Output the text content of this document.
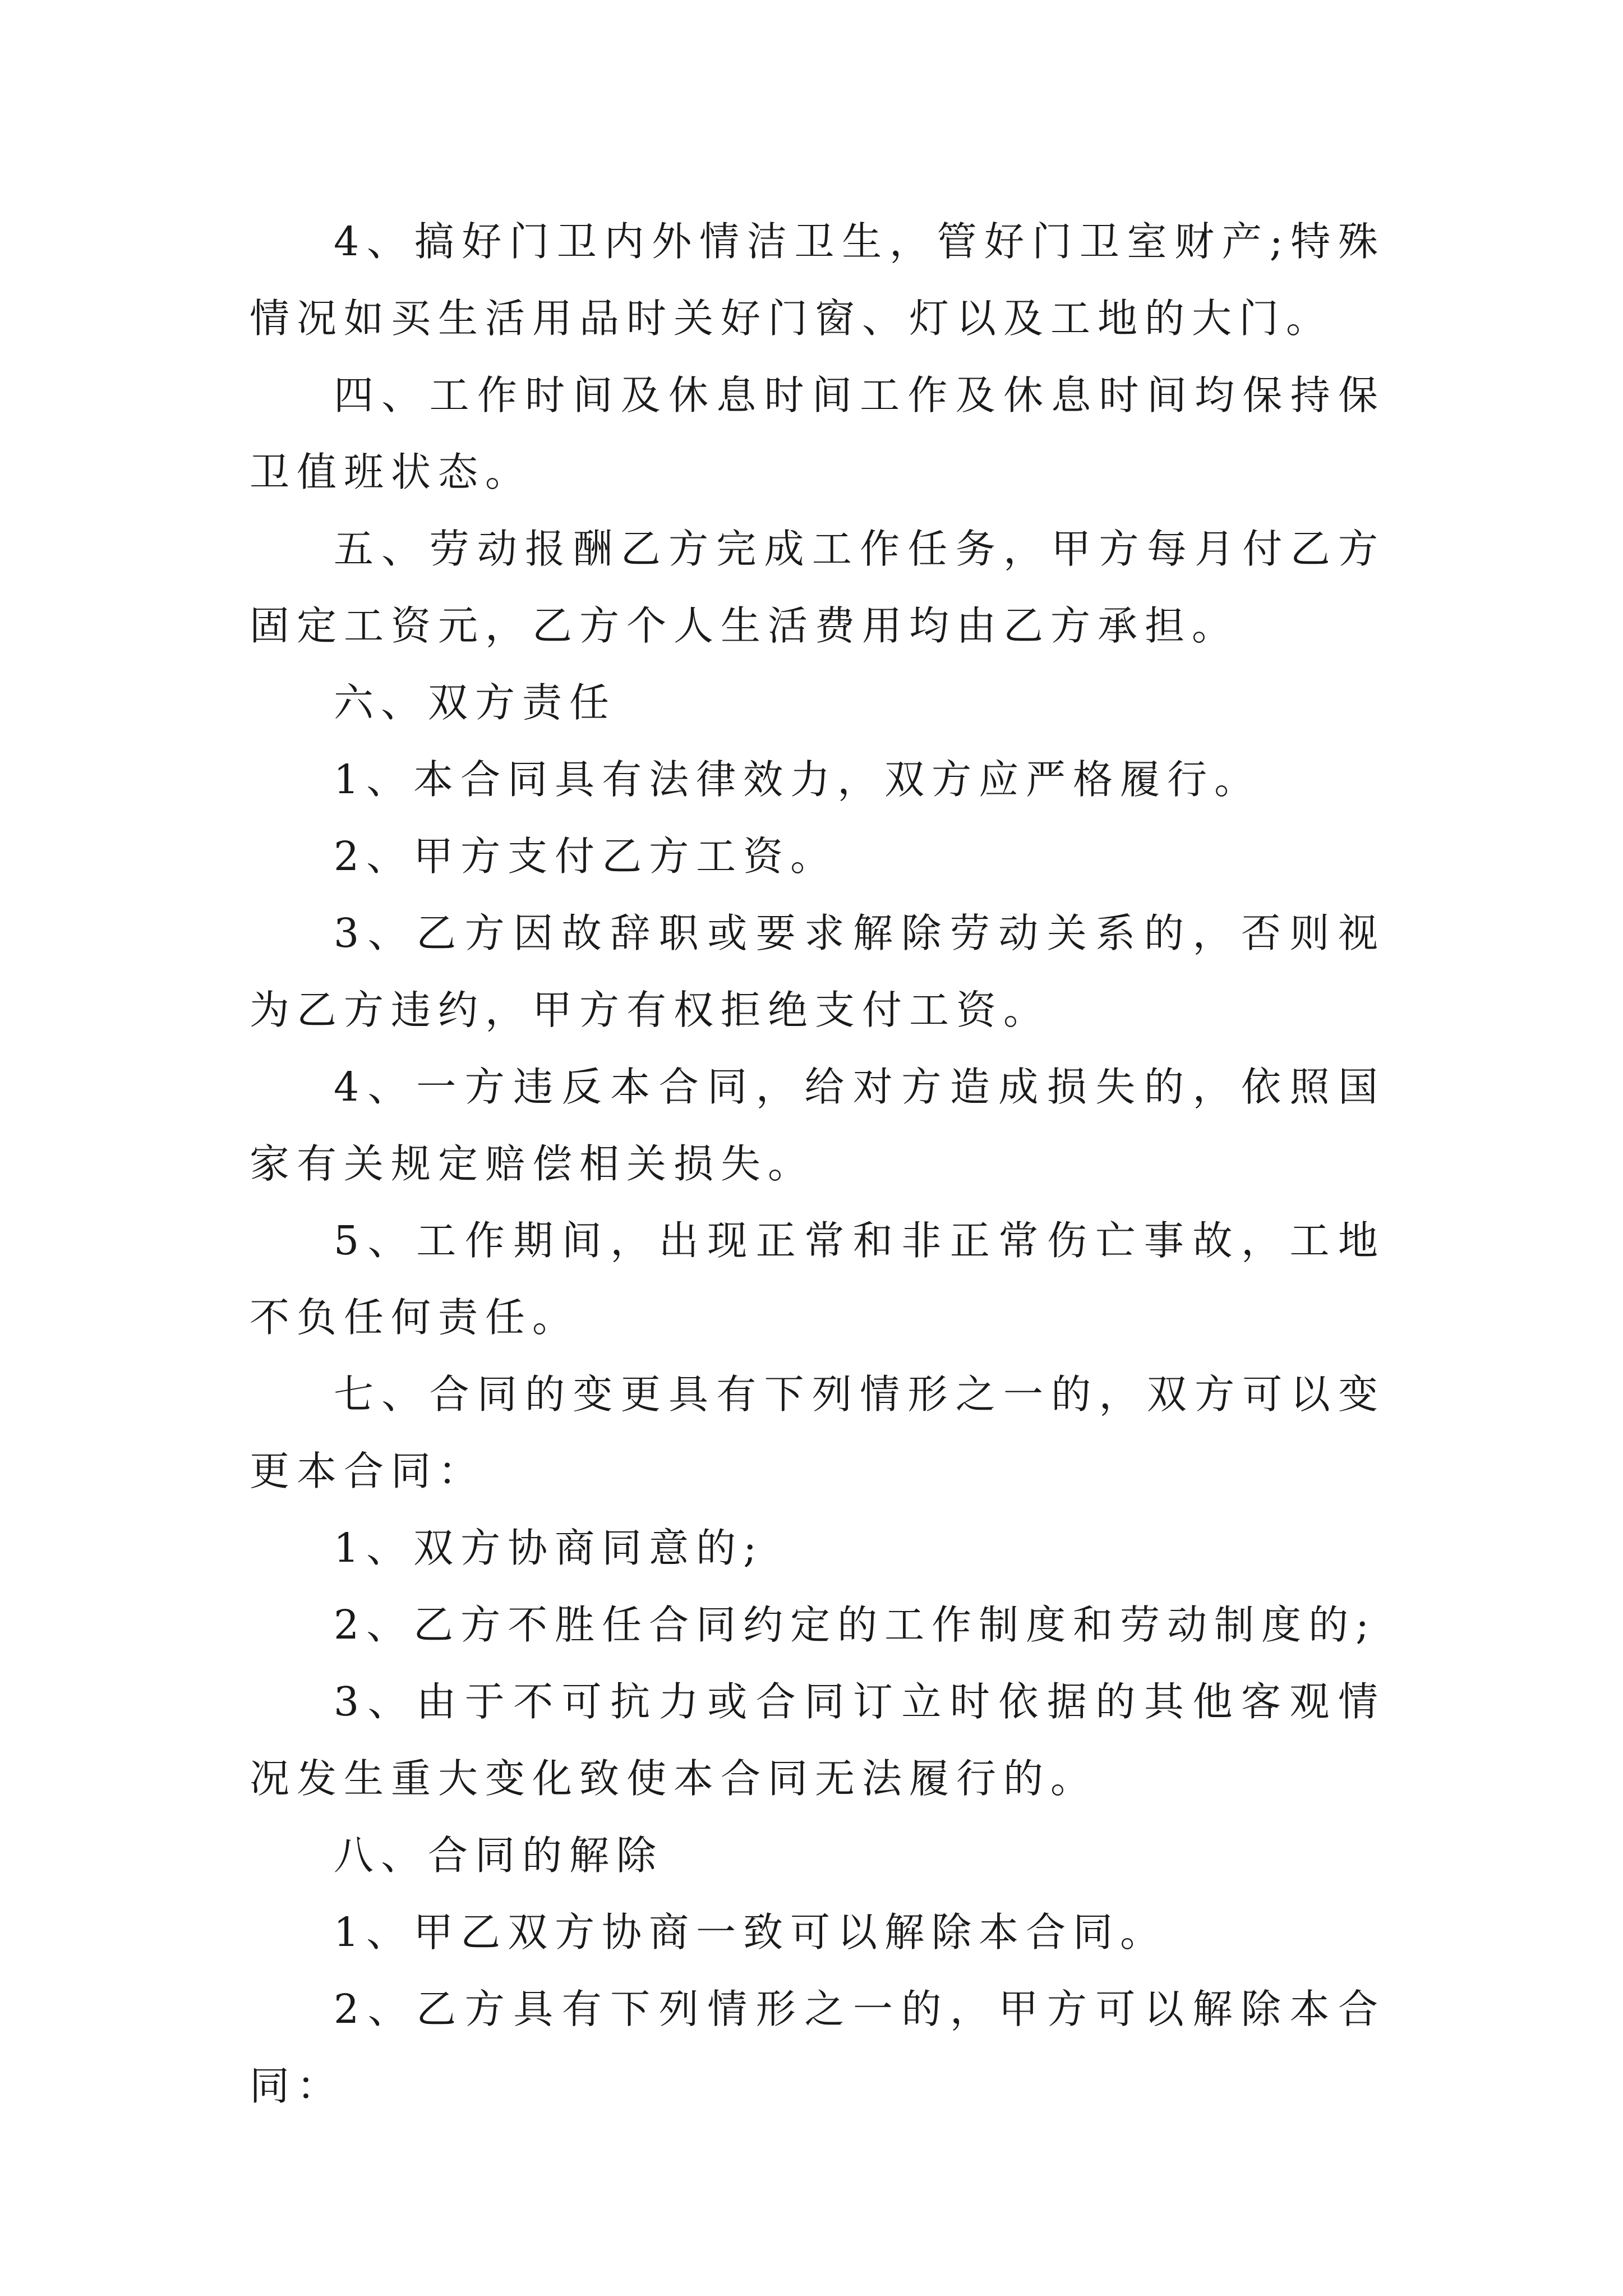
4、搞好门卫内外情洁卫生，管好门卫室财产;特殊情况如买生活用品时关好门窗、灯以及工地的大门。

四、工作时间及休息时间工作及休息时间均保持保卫值班状态。

五、劳动报酬乙方完成工作任务，甲方每月付乙方固定工资元，乙方个人生活费用均由乙方承担。

六、双方责任

1、本合同具有法律效力，双方应严格履行。

2、甲方支付乙方工资。

3、乙方因故辞职或要求解除劳动关系的，否则视为乙方违约，甲方有权拒绝支付工资。

4、一方违反本合同，给对方造成损失的，依照国家有关规定赔偿相关损失。

5、工作期间，出现正常和非正常伤亡事故，工地不负任何责任。

七、合同的变更具有下列情形之一的，双方可以变更本合同：

1、双方协商同意的;

2、乙方不胜任合同约定的工作制度和劳动制度的;

3、由于不可抗力或合同订立时依据的其他客观情况发生重大变化致使本合同无法履行的。

八、合同的解除

1、甲乙双方协商一致可以解除本合同。

2、乙方具有下列情形之一的，甲方可以解除本合同：
